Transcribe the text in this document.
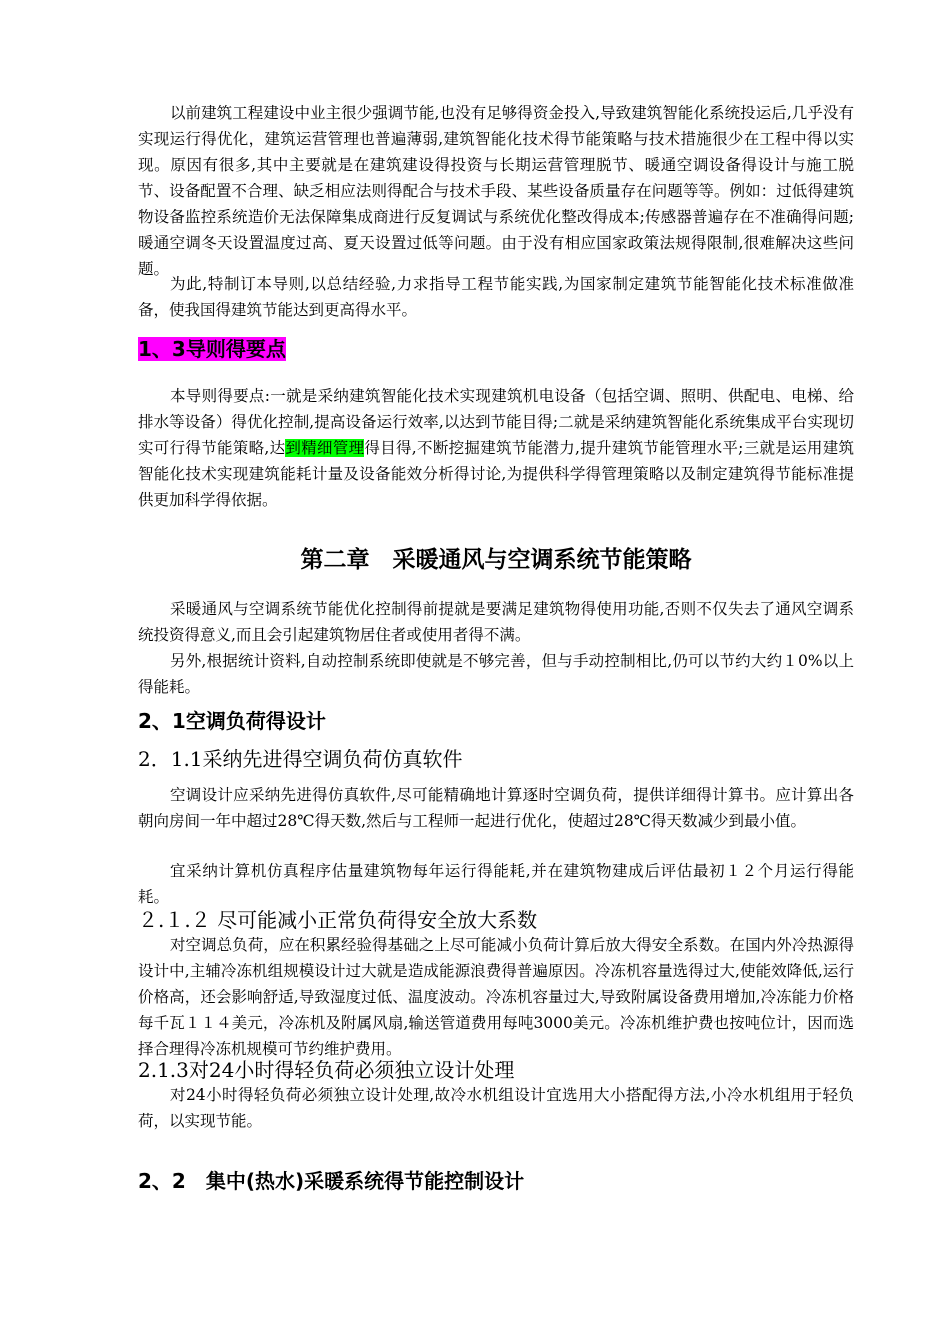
以前建筑工程建设中业主很少强调节能,也没有足够得资金投入,导致建筑智能化系统投运后,几乎没有实现运行得优化，建筑运营管理也普遍薄弱,建筑智能化技术得节能策略与技术措施很少在工程中得以实现。原因有很多,其中主要就是在建筑建设得投资与长期运营管理脱节、暖通空调设备得设计与施工脱节、设备配置不合理、缺乏相应法则得配合与技术手段、某些设备质量存在问题等等。例如：过低得建筑物设备监控系统造价无法保障集成商进行反复调试与系统优化整改得成本;传感器普遍存在不准确得问题;暖通空调冬天设置温度过高、夏天设置过低等问题。由于没有相应国家政策法规得限制,很难解决这些问题。

为此,特制订本导则,以总结经验,力求指导工程节能实践,为国家制定建筑节能智能化技术标准做准备，使我国得建筑节能达到更高得水平。

1、3导则得要点

本导则得要点:一就是采纳建筑智能化技术实现建筑机电设备（包括空调、照明、供配电、电梯、给排水等设备）得优化控制,提高设备运行效率,以达到节能目得;二就是采纳建筑智能化系统集成平台实现切实可行得节能策略,达到精细管理得目得,不断挖掘建筑节能潜力,提升建筑节能管理水平;三就是运用建筑智能化技术实现建筑能耗计量及设备能效分析得讨论,为提供科学得管理策略以及制定建筑得节能标准提供更加科学得依据。

第二章　采暖通风与空调系统节能策略

采暖通风与空调系统节能优化控制得前提就是要满足建筑物得使用功能,否则不仅失去了通风空调系统投资得意义,而且会引起建筑物居住者或使用者得不满。

另外,根据统计资料,自动控制系统即使就是不够完善，但与手动控制相比,仍可以节约大约１0%以上得能耗。

2、1空调负荷得设计
2．1.1采纳先进得空调负荷仿真软件

空调设计应采纳先进得仿真软件,尽可能精确地计算逐时空调负荷，提供详细得计算书。应计算出各朝向房间一年中超过28℃得天数,然后与工程师一起进行优化，使超过28℃得天数减少到最小值。

宜采纳计算机仿真程序估量建筑物每年运行得能耗,并在建筑物建成后评估最初１２个月运行得能耗。

２.１.２ 尽可能减小正常负荷得安全放大系数

对空调总负荷，应在积累经验得基础之上尽可能减小负荷计算后放大得安全系数。在国内外冷热源得设计中,主辅冷冻机组规模设计过大就是造成能源浪费得普遍原因。冷冻机容量选得过大,使能效降低,运行价格高，还会影响舒适,导致湿度过低、温度波动。冷冻机容量过大,导致附属设备费用增加,冷冻能力价格每千瓦１１４美元，冷冻机及附属风扇,输送管道费用每吨3000美元。冷冻机维护费也按吨位计，因而选择合理得冷冻机规模可节约维护费用。

2.1.3对24小时得轻负荷必须独立设计处理

对24小时得轻负荷必须独立设计处理,故冷水机组设计宜选用大小搭配得方法,小冷水机组用于轻负荷，以实现节能。

2、2　集中(热水)采暖系统得节能控制设计
